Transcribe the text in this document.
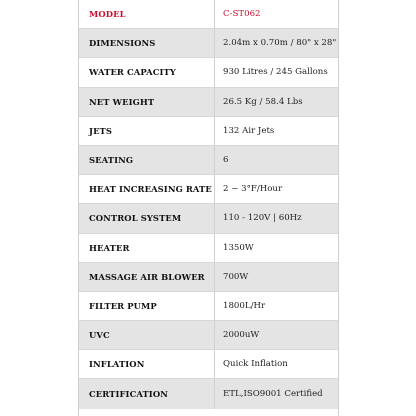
MODEL	C-ST062
DIMENSIONS	2.04m x 0.70m / 80" x 28"
WATER CAPACITY	930 Litres / 245 Gallons
NET WEIGHT	26.5 Kg / 58.4 Lbs
JETS	132 Air Jets
SEATING	6
HEAT INCREASING RATE	2 ~ 3°F/Hour
CONTROL SYSTEM	110 - 120V | 60Hz
HEATER	1350W
MASSAGE AIR BLOWER	700W
FILTER PUMP	1800L/Hr
UVC	2000uW
INFLATION	Quick Inflation
CERTIFICATION	ETL,ISO9001 Certified
